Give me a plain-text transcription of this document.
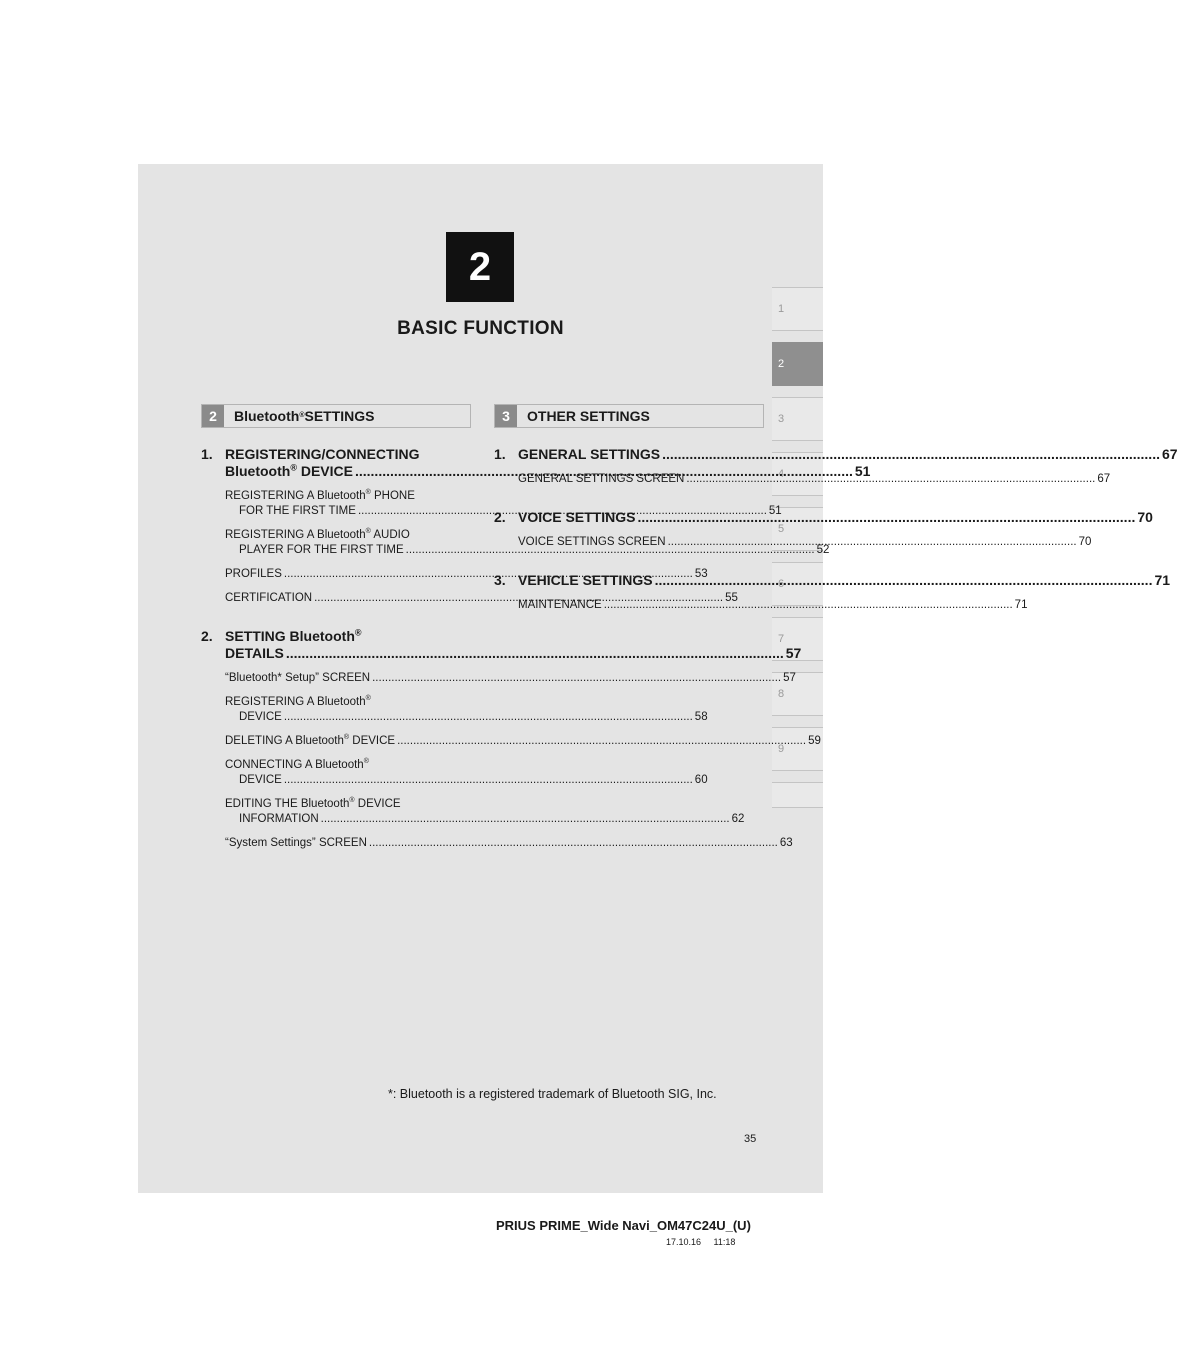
2
BASIC FUNCTION
1
2
3
4
5
6
7
8
9
2	Bluetooth ® SETTINGS	3	OTHER SETTINGS
1. REGISTERING/CONNECTING
Bluetooth® DEVICE .....	51
REGISTERING A Bluetooth® PHONE
FOR THE FIRST TIME .....	51
REGISTERING A Bluetooth® AUDIO
PLAYER FOR THE FIRST TIME .....	52
PROFILES .....	53
CERTIFICATION .....	55
2. SETTING Bluetooth®
DETAILS .....	57
“Bluetooth* Setup” SCREEN .....	57
REGISTERING A Bluetooth®
DEVICE .....	58
DELETING A Bluetooth® DEVICE .....	59
CONNECTING A Bluetooth®
DEVICE .....	60
EDITING THE Bluetooth® DEVICE
INFORMATION .....	62
“System Settings” SCREEN .....	63
1. GENERAL SETTINGS .....	67
GENERAL SETTINGS SCREEN .....	67
2. VOICE SETTINGS .....	70
VOICE SETTINGS SCREEN .....	70
3. VEHICLE SETTINGS .....	71
MAINTENANCE .....	71
*: Bluetooth is a registered trademark of Bluetooth SIG, Inc.
35
PRIUS PRIME_Wide Navi_OM47C24U_(U)
17.10.16     11:18
